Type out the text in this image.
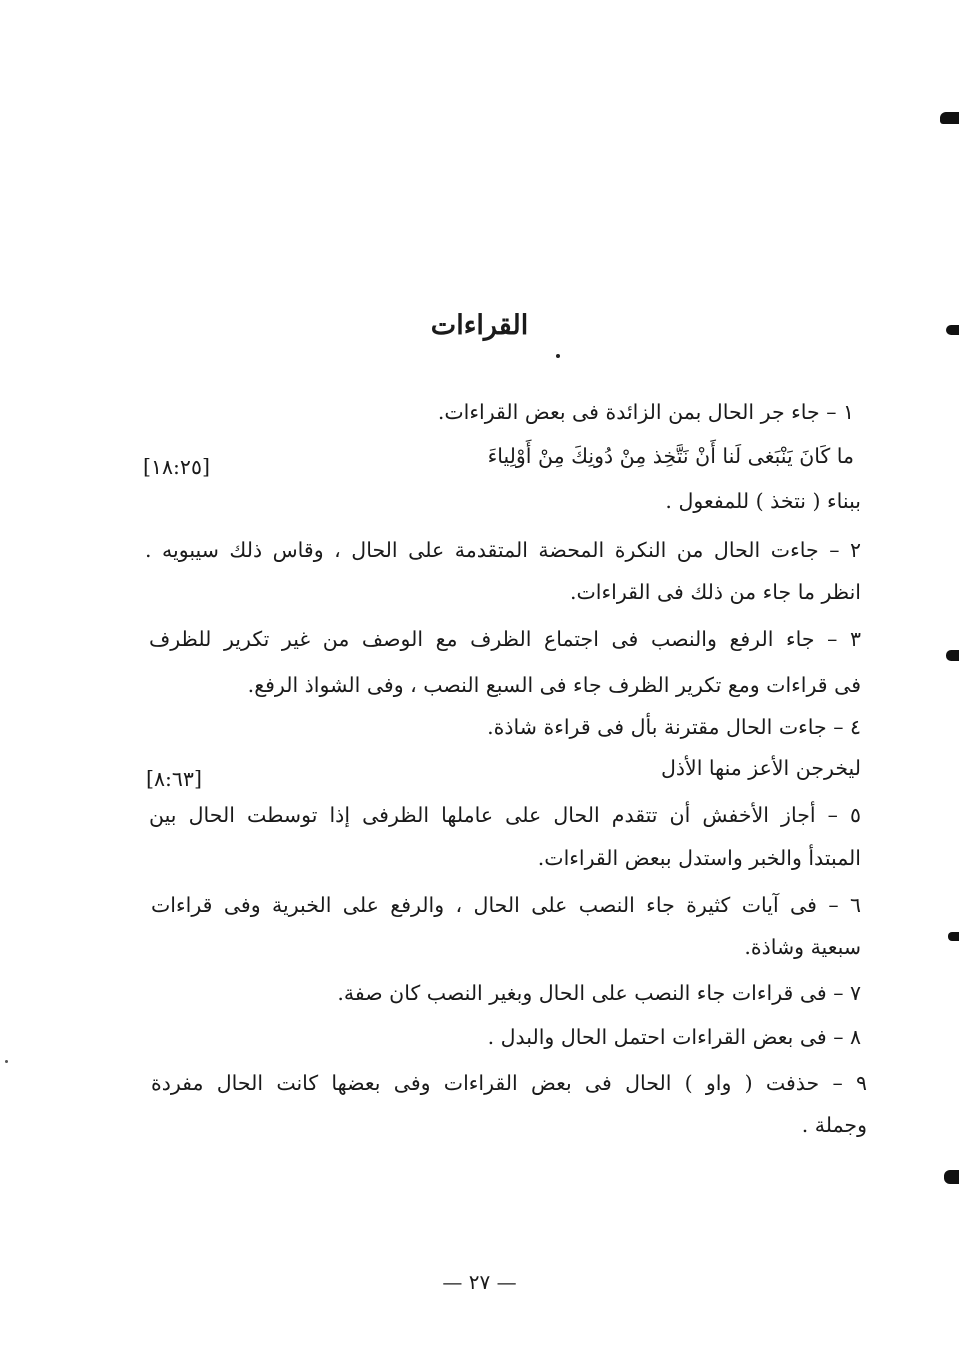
القراءات
١ – جاء جر الحال بمن الزائدة فى بعض القراءات.
ما كَانَ يَنْبَغى لَنا أَنْ نَتَّخِذ مِنْ دُونِكَ مِنْ أَوْلِياءَ
[١٨:٢٥]
ببناء ( نتخذ ) للمفعول .
٢ – جاءت الحال من النكرة المحضة المتقدمة على الحال ، وقاس ذلك سيبويه .
انظر ما جاء من ذلك فى القراءات.
٣ – جاء الرفع والنصب فى اجتماع الظرف مع الوصف من غير تكرير للظرف
فى قراءات ومع تكرير الظرف جاء فى السبع النصب ، وفى الشواذ الرفع.
٤ – جاءت الحال مقترنة بأل فى قراءة شاذة.
ليخرجن الأعز منها الأذل
[٨:٦٣]
٥ – أجاز الأخفش أن تتقدم الحال على عاملها الظرفى إذا توسطت الحال بين
المبتدأ والخبر واستدل ببعض القراءات.
٦ – فى آيات كثيرة جاء النصب على الحال ، والرفع على الخبرية وفى قراءات
سبعية وشاذة.
٧ – فى قراءات جاء النصب على الحال وبغير النصب كان صفة.
٨ – فى بعض القراءات احتمل الحال والبدل .
٩ – حذفت ( واو ) الحال فى بعض القراءات وفى بعضها كانت الحال مفردة
وجملة .
— ٢٧ —
